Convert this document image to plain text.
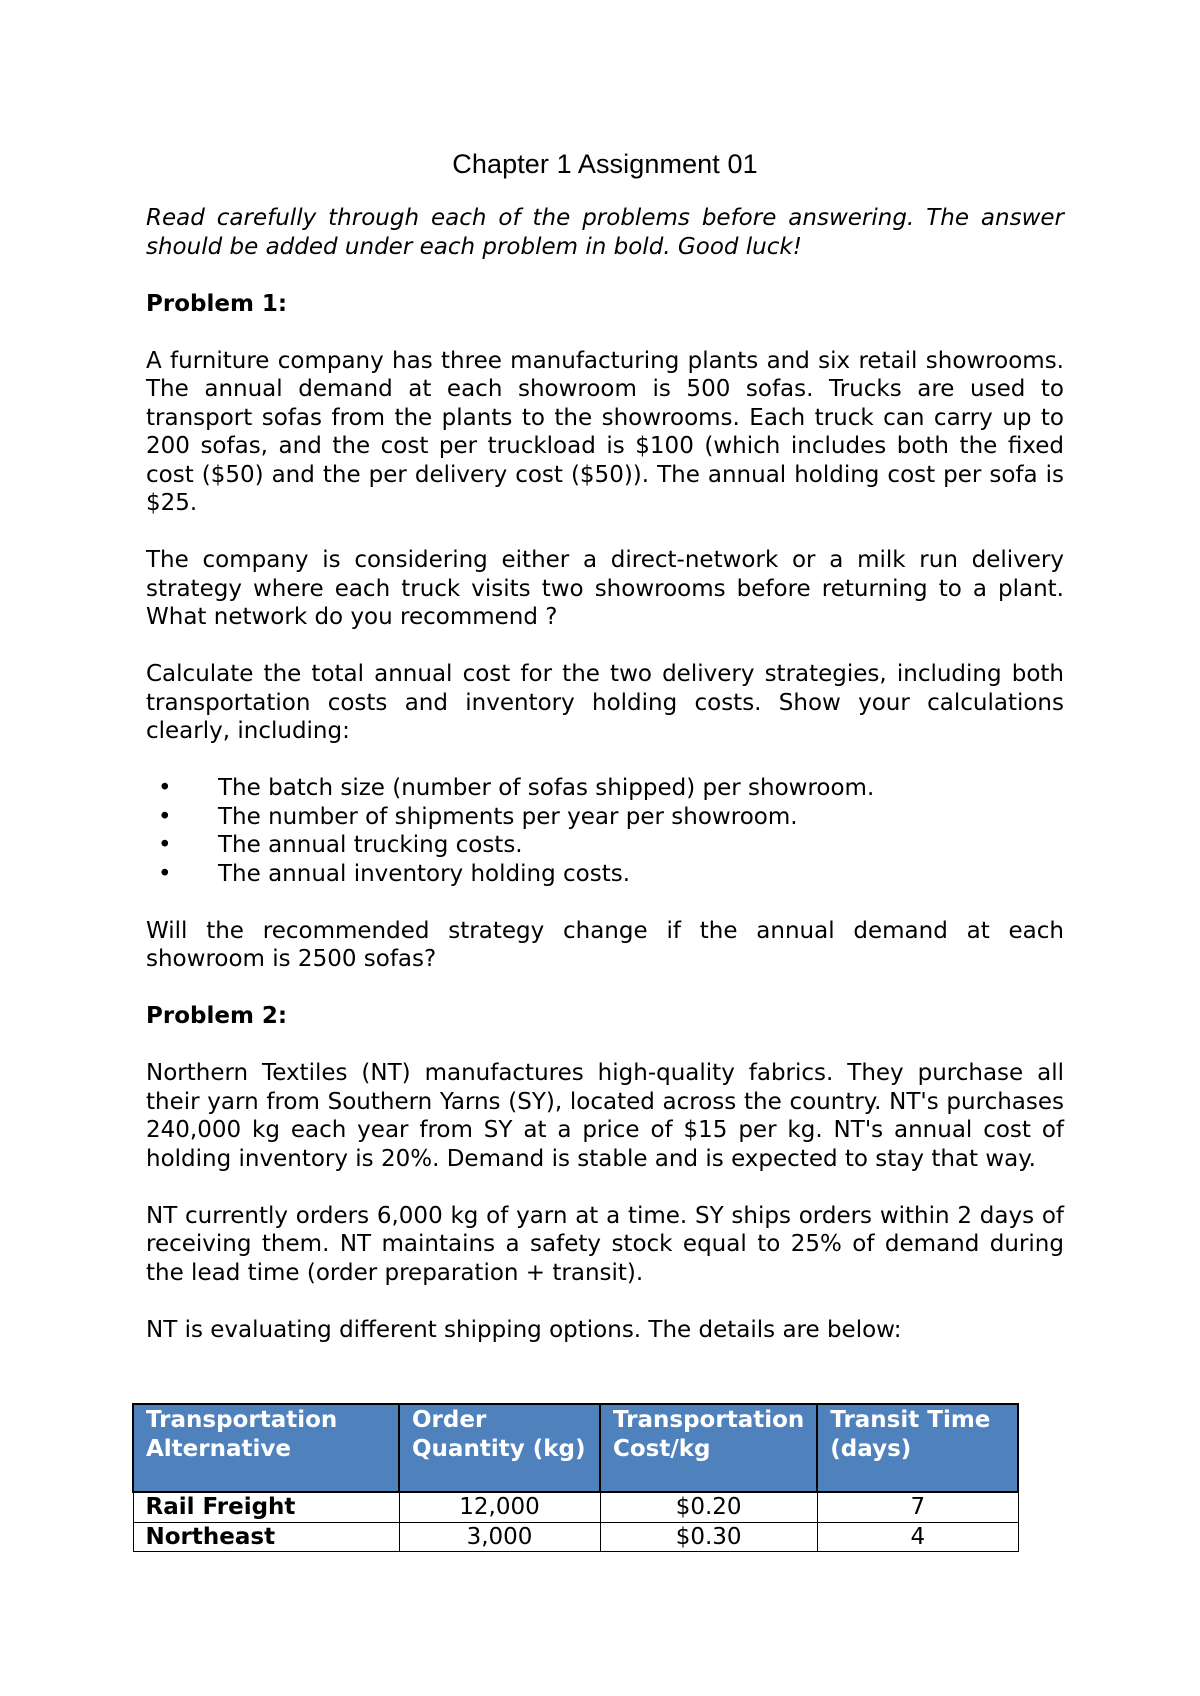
Chapter 1 Assignment 01

Read carefully through each of the problems before answering. The answer should be added under each problem in bold. Good luck!

Problem 1:

A furniture company has three manufacturing plants and six retail showrooms. The annual demand at each showroom is 500 sofas. Trucks are used to transport sofas from the plants to the showrooms. Each truck can carry up to 200 sofas, and the cost per truckload is $100 (which includes both the fixed cost ($50) and the per delivery cost ($50)). The annual holding cost per sofa is $25.

The company is considering either a direct-network or a milk run delivery strategy where each truck visits two showrooms before returning to a plant. What network do you recommend ?

Calculate the total annual cost for the two delivery strategies, including both transportation costs and inventory holding costs. Show your calculations clearly, including:

• The batch size (number of sofas shipped) per showroom.
• The number of shipments per year per showroom.
• The annual trucking costs.
• The annual inventory holding costs.

Will the recommended strategy change if the annual demand at each showroom is 2500 sofas?

Problem 2:

Northern Textiles (NT) manufactures high-quality fabrics. They purchase all their yarn from Southern Yarns (SY), located across the country. NT's purchases 240,000 kg each year from SY at a price of $15 per kg. NT's annual cost of holding inventory is 20%. Demand is stable and is expected to stay that way.

NT currently orders 6,000 kg of yarn at a time. SY ships orders within 2 days of receiving them. NT maintains a safety stock equal to 25% of demand during the lead time (order preparation + transit).

NT is evaluating different shipping options. The details are below:

Transportation Alternative	Order Quantity (kg)	Transportation Cost/kg	Transit Time (days)
Rail Freight	12,000	$0.20	7
Northeast	3,000	$0.30	4
